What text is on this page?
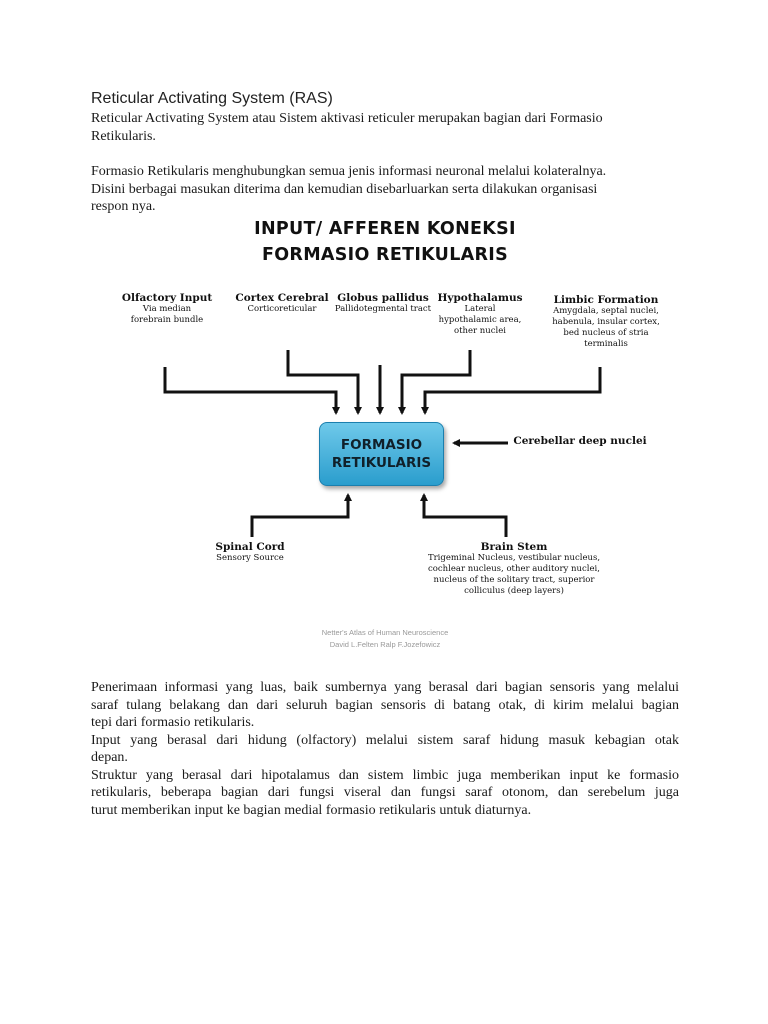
Reticular Activating System (RAS)

Reticular Activating System atau Sistem aktivasi reticuler merupakan bagian dari Formasio

Retikularis.

Formasio Retikularis menghubungkan semua jenis informasi neuronal melalui kolateralnya.

Disini berbagai masukan diterima dan kemudian disebarluarkan serta dilakukan organisasi

respon nya.

INPUT/ AFFEREN KONEKSI
FORMASIO RETIKULARIS
Olfactory Input
Via median forebrain bundle
Cortex Cerebral
Corticoreticular
Globus pallidus
Pallidotegmental tract
Hypothalamus
Lateral hypothalamic area, other nuclei
Limbic Formation
Amygdala, septal nuclei, habenula, insular cortex, bed nucleus of stria terminalis
Cerebellar deep nuclei
Spinal Cord
Sensory Source
Brain Stem
Trigeminal Nucleus, vestibular nucleus, cochlear nucleus, other auditory nuclei, nucleus of the solitary tract, superior colliculus (deep layers)
FORMASIO
RETIKULARIS
Netter's Atlas of Human Neuroscience
David L.Felten Ralp F.Jozefowicz

Penerimaan informasi yang luas, baik sumbernya yang berasal dari bagian sensoris yang melalui

saraf tulang belakang dan dari seluruh bagian sensoris di batang otak, di kirim melalui bagian

tepi dari formasio retikularis.

Input yang berasal dari hidung (olfactory) melalui sistem saraf hidung masuk kebagian otak

depan.

Struktur yang berasal dari hipotalamus dan sistem limbic juga memberikan input ke formasio

retikularis, beberapa bagian dari fungsi viseral dan fungsi saraf otonom, dan serebelum juga

turut memberikan input ke bagian medial formasio retikularis untuk diaturnya.
